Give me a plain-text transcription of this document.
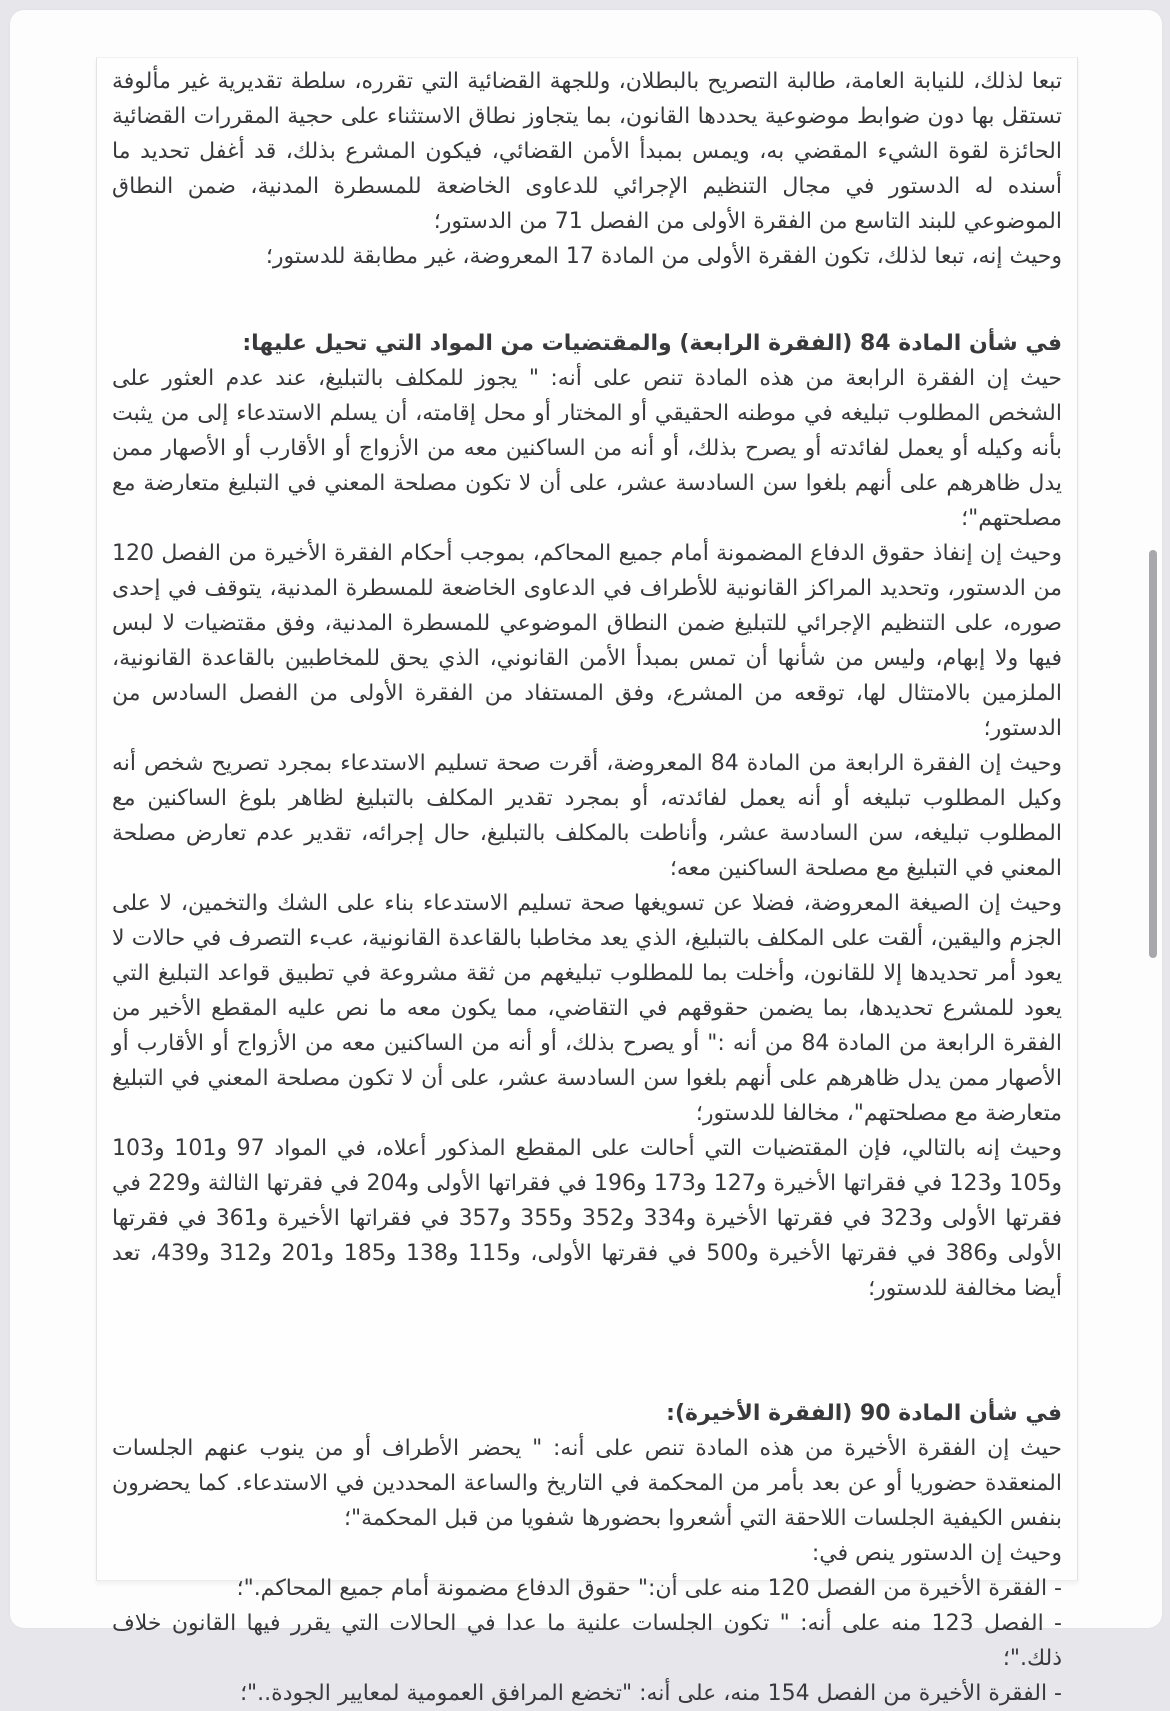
تبعا لذلك، للنيابة العامة، طالبة التصريح بالبطلان، وللجهة القضائية التي تقرره، سلطة تقديرية غير مألوفة تستقل بها دون ضوابط موضوعية يحددها القانون، بما يتجاوز نطاق الاستثناء على حجية المقررات القضائية الحائزة لقوة الشيء المقضي به، ويمس بمبدأ الأمن القضائي، فيكون المشرع بذلك، قد أغفل تحديد ما أسنده له الدستور في مجال التنظيم الإجرائي للدعاوى الخاضعة للمسطرة المدنية، ضمن النطاق الموضوعي للبند التاسع من الفقرة الأولى من الفصل 71 من الدستور؛

وحيث إنه، تبعا لذلك، تكون الفقرة الأولى من المادة 17 المعروضة، غير مطابقة للدستور؛

في شأن المادة 84 (الفقرة الرابعة) والمقتضيات من المواد التي تحيل عليها:

حيث إن الفقرة الرابعة من هذه المادة تنص على أنه: " يجوز للمكلف بالتبليغ، عند عدم العثور على الشخص المطلوب تبليغه في موطنه الحقيقي أو المختار أو محل إقامته، أن يسلم الاستدعاء إلى من يثبت بأنه وكيله أو يعمل لفائدته أو يصرح بذلك، أو أنه من الساكنين معه من الأزواج أو الأقارب أو الأصهار ممن يدل ظاهرهم على أنهم بلغوا سن السادسة عشر، على أن لا تكون مصلحة المعني في التبليغ متعارضة مع مصلحتهم"؛

وحيث إن إنفاذ حقوق الدفاع المضمونة أمام جميع المحاكم، بموجب أحكام الفقرة الأخيرة من الفصل 120 من الدستور، وتحديد المراكز القانونية للأطراف في الدعاوى الخاضعة للمسطرة المدنية، يتوقف في إحدى صوره، على التنظيم الإجرائي للتبليغ ضمن النطاق الموضوعي للمسطرة المدنية، وفق مقتضيات لا لبس فيها ولا إبهام، وليس من شأنها أن تمس بمبدأ الأمن القانوني، الذي يحق للمخاطبين بالقاعدة القانونية، الملزمين بالامتثال لها، توقعه من المشرع، وفق المستفاد من الفقرة الأولى من الفصل السادس من الدستور؛

وحيث إن الفقرة الرابعة من المادة 84 المعروضة، أقرت صحة تسليم الاستدعاء بمجرد تصريح شخص أنه وكيل المطلوب تبليغه أو أنه يعمل لفائدته، أو بمجرد تقدير المكلف بالتبليغ لظاهر بلوغ الساكنين مع المطلوب تبليغه، سن السادسة عشر، وأناطت بالمكلف بالتبليغ، حال إجرائه، تقدير عدم تعارض مصلحة المعني في التبليغ مع مصلحة الساكنين معه؛

وحيث إن الصيغة المعروضة، فضلا عن تسويغها صحة تسليم الاستدعاء بناء على الشك والتخمين، لا على الجزم واليقين، ألقت على المكلف بالتبليغ، الذي يعد مخاطبا بالقاعدة القانونية، عبء التصرف في حالات لا يعود أمر تحديدها إلا للقانون، وأخلت بما للمطلوب تبليغهم من ثقة مشروعة في تطبيق قواعد التبليغ التي يعود للمشرع تحديدها، بما يضمن حقوقهم في التقاضي، مما يكون معه ما نص عليه المقطع الأخير من الفقرة الرابعة من المادة 84 من أنه :" أو يصرح بذلك، أو أنه من الساكنين معه من الأزواج أو الأقارب أو الأصهار ممن يدل ظاهرهم على أنهم بلغوا سن السادسة عشر، على أن لا تكون مصلحة المعني في التبليغ متعارضة مع مصلحتهم"، مخالفا للدستور؛

وحيث إنه بالتالي، فإن المقتضيات التي أحالت على المقطع المذكور أعلاه، في المواد 97 و101 و103 و105 و123 في فقراتها الأخيرة و127 و173 و196 في فقراتها الأولى و204 في فقرتها الثالثة و229 في فقرتها الأولى و323 في فقرتها الأخيرة و334 و352 و355 و357 في فقراتها الأخيرة و361 في فقرتها الأولى و386 في فقرتها الأخيرة و500 في فقرتها الأولى، و115 و138 و185 و201 و312 و439، تعد أيضا مخالفة للدستور؛

في شأن المادة 90 (الفقرة الأخيرة):

حيث إن الفقرة الأخيرة من هذه المادة تنص على أنه: " يحضر الأطراف أو من ينوب عنهم الجلسات المنعقدة حضوريا أو عن بعد بأمر من المحكمة في التاريخ والساعة المحددين في الاستدعاء. كما يحضرون بنفس الكيفية الجلسات اللاحقة التي أشعروا بحضورها شفويا من قبل المحكمة"؛

وحيث إن الدستور ينص في:

- الفقرة الأخيرة من الفصل 120 منه على أن:" حقوق الدفاع مضمونة أمام جميع المحاكم."؛

- الفصل 123 منه على أنه: " تكون الجلسات علنية ما عدا في الحالات التي يقرر فيها القانون خلاف ذلك."؛

- الفقرة الأخيرة من الفصل 154 منه، على أنه: "تخضع المرافق العمومية لمعايير الجودة.."؛
